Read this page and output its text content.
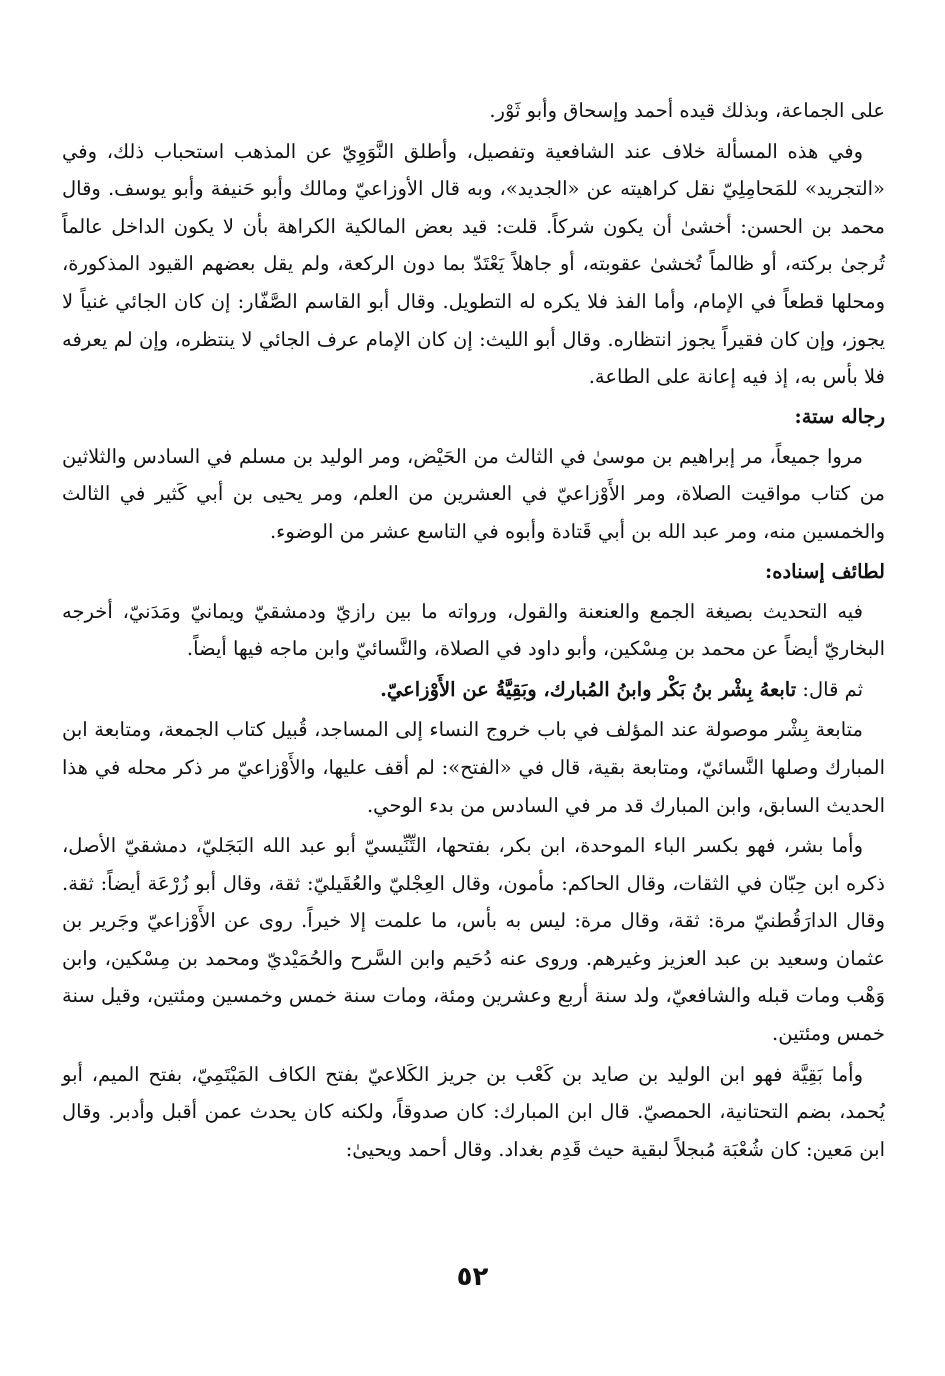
على الجماعة، وبذلك قيده أحمد وإسحاق وأبو ثَوْر.

وفي هذه المسألة خلاف عند الشافعية وتفصيل، وأطلق النَّوَوِيّ عن المذهب استحباب ذلك، وفي «التجريد» للمَحامِلِيّ نقل كراهيته عن «الجديد»، وبه قال الأوزاعيّ ومالك وأبو حَنيفة وأبو يوسف. وقال محمد بن الحسن: أخشىٰ أن يكون شركاً. قلت: قيد بعض المالكية الكراهة بأن لا يكون الداخل عالماً تُرجىٰ بركته، أو ظالماً تُخشىٰ عقوبته، أو جاهلاً يَعْتَدّ بما دون الركعة، ولم يقل بعضهم القيود المذكورة، ومحلها قطعاً في الإمام، وأما الفذ فلا يكره له التطويل. وقال أبو القاسم الصَّفّار: إن كان الجائي غنياً لا يجوز، وإن كان فقيراً يجوز انتظاره. وقال أبو الليث: إن كان الإمام عرف الجائي لا ينتظره، وإن لم يعرفه فلا بأس به، إذ فيه إعانة على الطاعة.

رجاله ستة:

مروا جميعاً، مر إبراهيم بن موسىٰ في الثالث من الحَيْض، ومر الوليد بن مسلم في السادس والثلاثين من كتاب مواقيت الصلاة، ومر الأَوْزاعيّ في العشرين من العلم، ومر يحيى بن أبي كَثير في الثالث والخمسين منه، ومر عبد الله بن أبي قَتادة وأبوه في التاسع عشر من الوضوء.

لطائف إسناده:

فيه التحديث بصيغة الجمع والعنعنة والقول، ورواته ما بين رازيّ ودمشقيّ ويمانيّ ومَدَنيّ، أخرجه البخاريّ أيضاً عن محمد بن مِسْكين، وأبو داود في الصلاة، والنَّسائيّ وابن ماجه فيها أيضاً.

ثم قال: تابعهُ بِشْر بنُ بَكْر وابنُ المُبارك، وبَقِيَّةُ عن الأَوْزاعيّ.

متابعة بِشْر موصولة عند المؤلف في باب خروج النساء إلى المساجد، قُبيل كتاب الجمعة، ومتابعة ابن المبارك وصلها النَّسائيّ، ومتابعة بقية، قال في «الفتح»: لم أقف عليها، والأَوْزاعيّ مر ذكر محله في هذا الحديث السابق، وابن المبارك قد مر في السادس من بدء الوحي.

وأما بشر، فهو بكسر الباء الموحدة، ابن بكر، بفتحها، التِّنِّيسيّ أبو عبد الله البَجَليّ، دمشقيّ الأصل، ذكره ابن حِبّان في الثقات، وقال الحاكم: مأمون، وقال العِجْليّ والعُقَيليّ: ثقة، وقال أبو زُرْعَة أيضاً: ثقة. وقال الدارَقُطنيّ مرة: ثقة، وقال مرة: ليس به بأس، ما علمت إلا خيراً. روى عن الأَوْزاعيّ وجَرير بن عثمان وسعيد بن عبد العزيز وغيرهم. وروى عنه دُحَيم وابن السَّرح والحُمَيْديّ ومحمد بن مِسْكين، وابن وَهْب ومات قبله والشافعيّ، ولد سنة أربع وعشرين ومئة، ومات سنة خمس وخمسين ومئتين، وقيل سنة خمس ومئتين.

وأما بَقِيَّة فهو ابن الوليد بن صايد بن كَعْب بن جريز الكَلاعيّ بفتح الكاف المَيْتَمِيّ، بفتح الميم، أبو يُحمد، بضم التحتانية، الحمصيّ. قال ابن المبارك: كان صدوقاً، ولكنه كان يحدث عمن أقبل وأدبر. وقال ابن مَعين: كان شُعْبَة مُبجلاً لبقية حيث قَدِم بغداد. وقال أحمد ويحيىٰ:

٥٢
